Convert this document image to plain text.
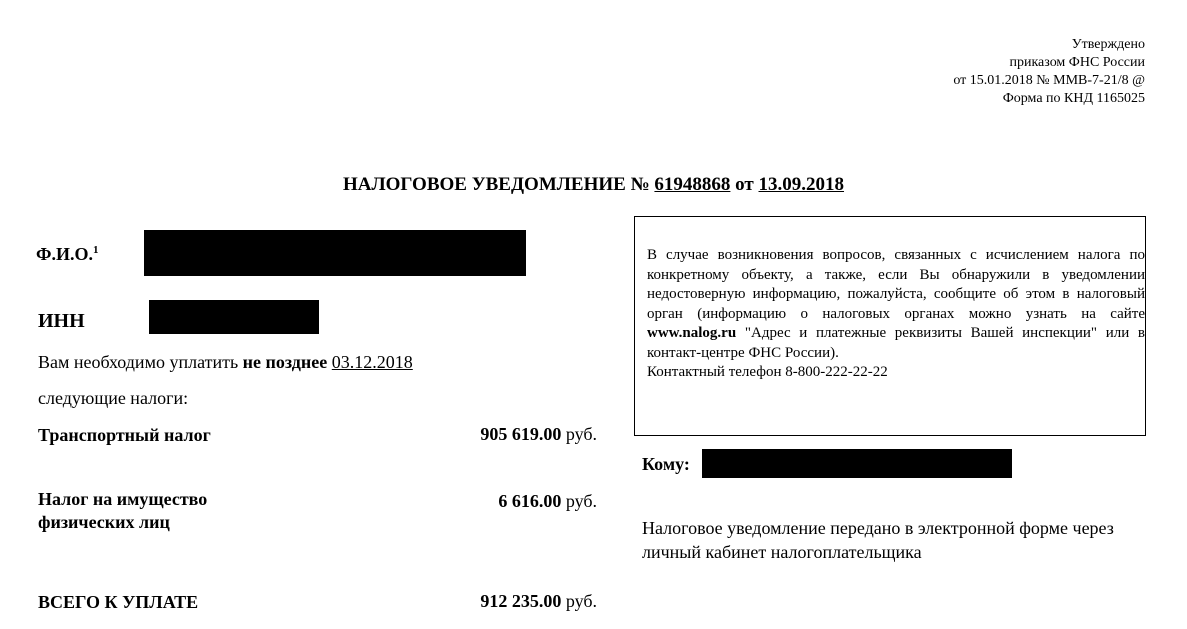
Утверждено
приказом ФНС России
от 15.01.2018 № ММВ-7-21/8 @
Форма по КНД 1165025
НАЛОГОВОЕ УВЕДОМЛЕНИЕ № 61948868 от 13.09.2018
Ф.И.О.$^1$
ИНН
Вам необходимо уплатить не позднее 03.12.2018
следующие налоги:
Транспортный налог	905 619.00 руб.
Налог на имущество физических лиц
6 616.00 руб.
ВСЕГО К УПЛАТЕ	912 235.00 руб.
В случае возникновения вопросов, связанных с исчислением налога по конкретному объекту, а также, если Вы обнаружили в уведомлении недостоверную информацию, пожалуйста, сообщите об этом в налоговый орган (информацию о налоговых органах можно узнать на сайте www.nalog.ru "Адрес и платежные реквизиты Вашей инспекции" или в контакт-центре ФНС России).
Контактный телефон 8-800-222-22-22
Кому:
Налоговое уведомление передано в электронной форме через личный кабинет налогоплательщика
